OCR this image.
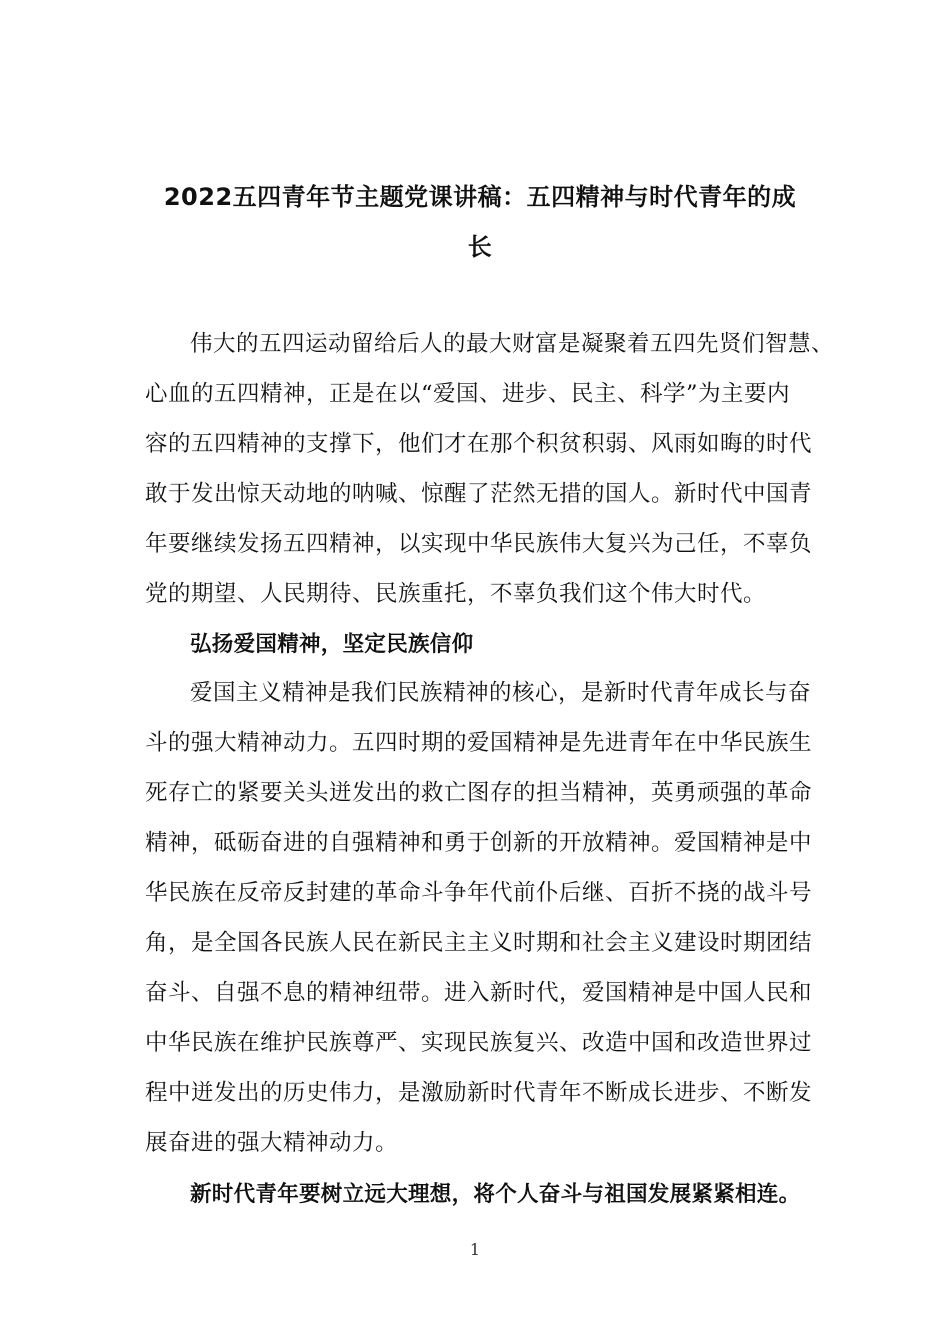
2022五四青年节主题党课讲稿：五四精神与时代青年的成
长
伟大的五四运动留给后人的最大财富是凝聚着五四先贤们智慧、
心血的五四精神，正是在以“爱国、进步、民主、科学”为主要内
容的五四精神的支撑下，他们才在那个积贫积弱、风雨如晦的时代
敢于发出惊天动地的呐喊、惊醒了茫然无措的国人。新时代中国青
年要继续发扬五四精神，以实现中华民族伟大复兴为己任，不辜负
党的期望、人民期待、民族重托，不辜负我们这个伟大时代。
弘扬爱国精神，坚定民族信仰
爱国主义精神是我们民族精神的核心，是新时代青年成长与奋
斗的强大精神动力。五四时期的爱国精神是先进青年在中华民族生
死存亡的紧要关头迸发出的救亡图存的担当精神，英勇顽强的革命
精神，砥砺奋进的自强精神和勇于创新的开放精神。爱国精神是中
华民族在反帝反封建的革命斗争年代前仆后继、百折不挠的战斗号
角，是全国各民族人民在新民主主义时期和社会主义建设时期团结
奋斗、自强不息的精神纽带。进入新时代，爱国精神是中国人民和
中华民族在维护民族尊严、实现民族复兴、改造中国和改造世界过
程中迸发出的历史伟力，是激励新时代青年不断成长进步、不断发
展奋进的强大精神动力。
新时代青年要树立远大理想，将个人奋斗与祖国发展紧紧相连。
1
